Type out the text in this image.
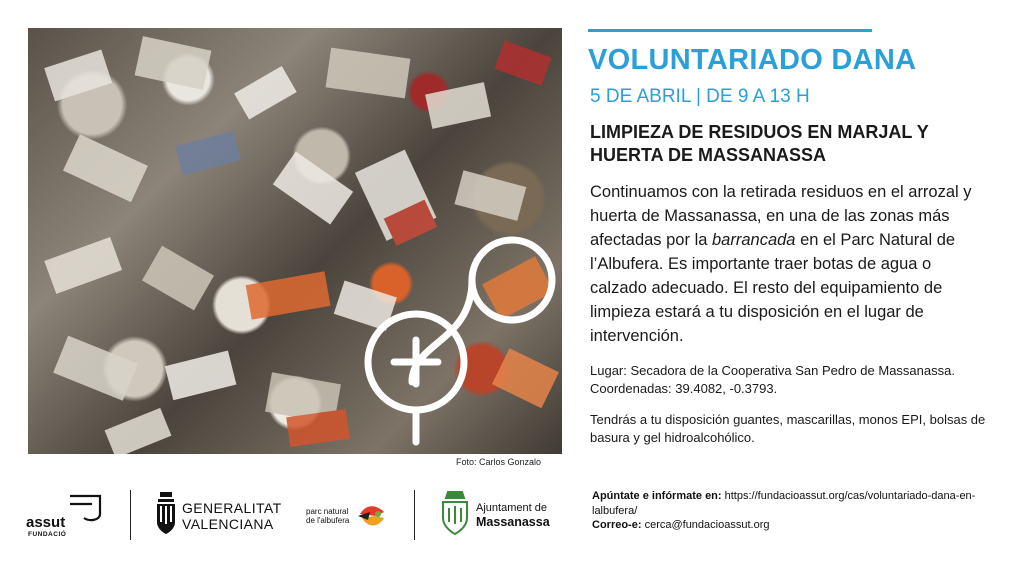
Foto: Carlos Gonzalo
VOLUNTARIADO DANA
5 DE ABRIL | DE 9 A 13 H
LIMPIEZA DE RESIDUOS EN MARJAL Y HUERTA DE MASSANASSA
Continuamos con la retirada residuos en el arrozal y huerta de Massanassa, en una de las zonas más afectadas por la barrancada en el Parc Natural de l’Albufera. Es importante traer botas de agua o calzado adecuado. El resto del equipamiento de limpieza estará a tu disposición en el lugar de intervención.
Lugar: Secadora de la Cooperativa San Pedro de Massanassa. Coordenadas: 39.4082, -0.3793.
Tendrás a tu disposición guantes, mascarillas, monos EPI, bolsas de basura y gel hidroalcohólico.
assut
FUNDACIÓ
GENERALITAT
VALENCIANA
parc natural
de l'albufera
Ajuntament de
Massanassa
Apúntate e infórmate en: https://fundacioassut.org/cas/voluntariado-dana-en-lalbufera/
Correo-e: cerca@fundacioassut.org
